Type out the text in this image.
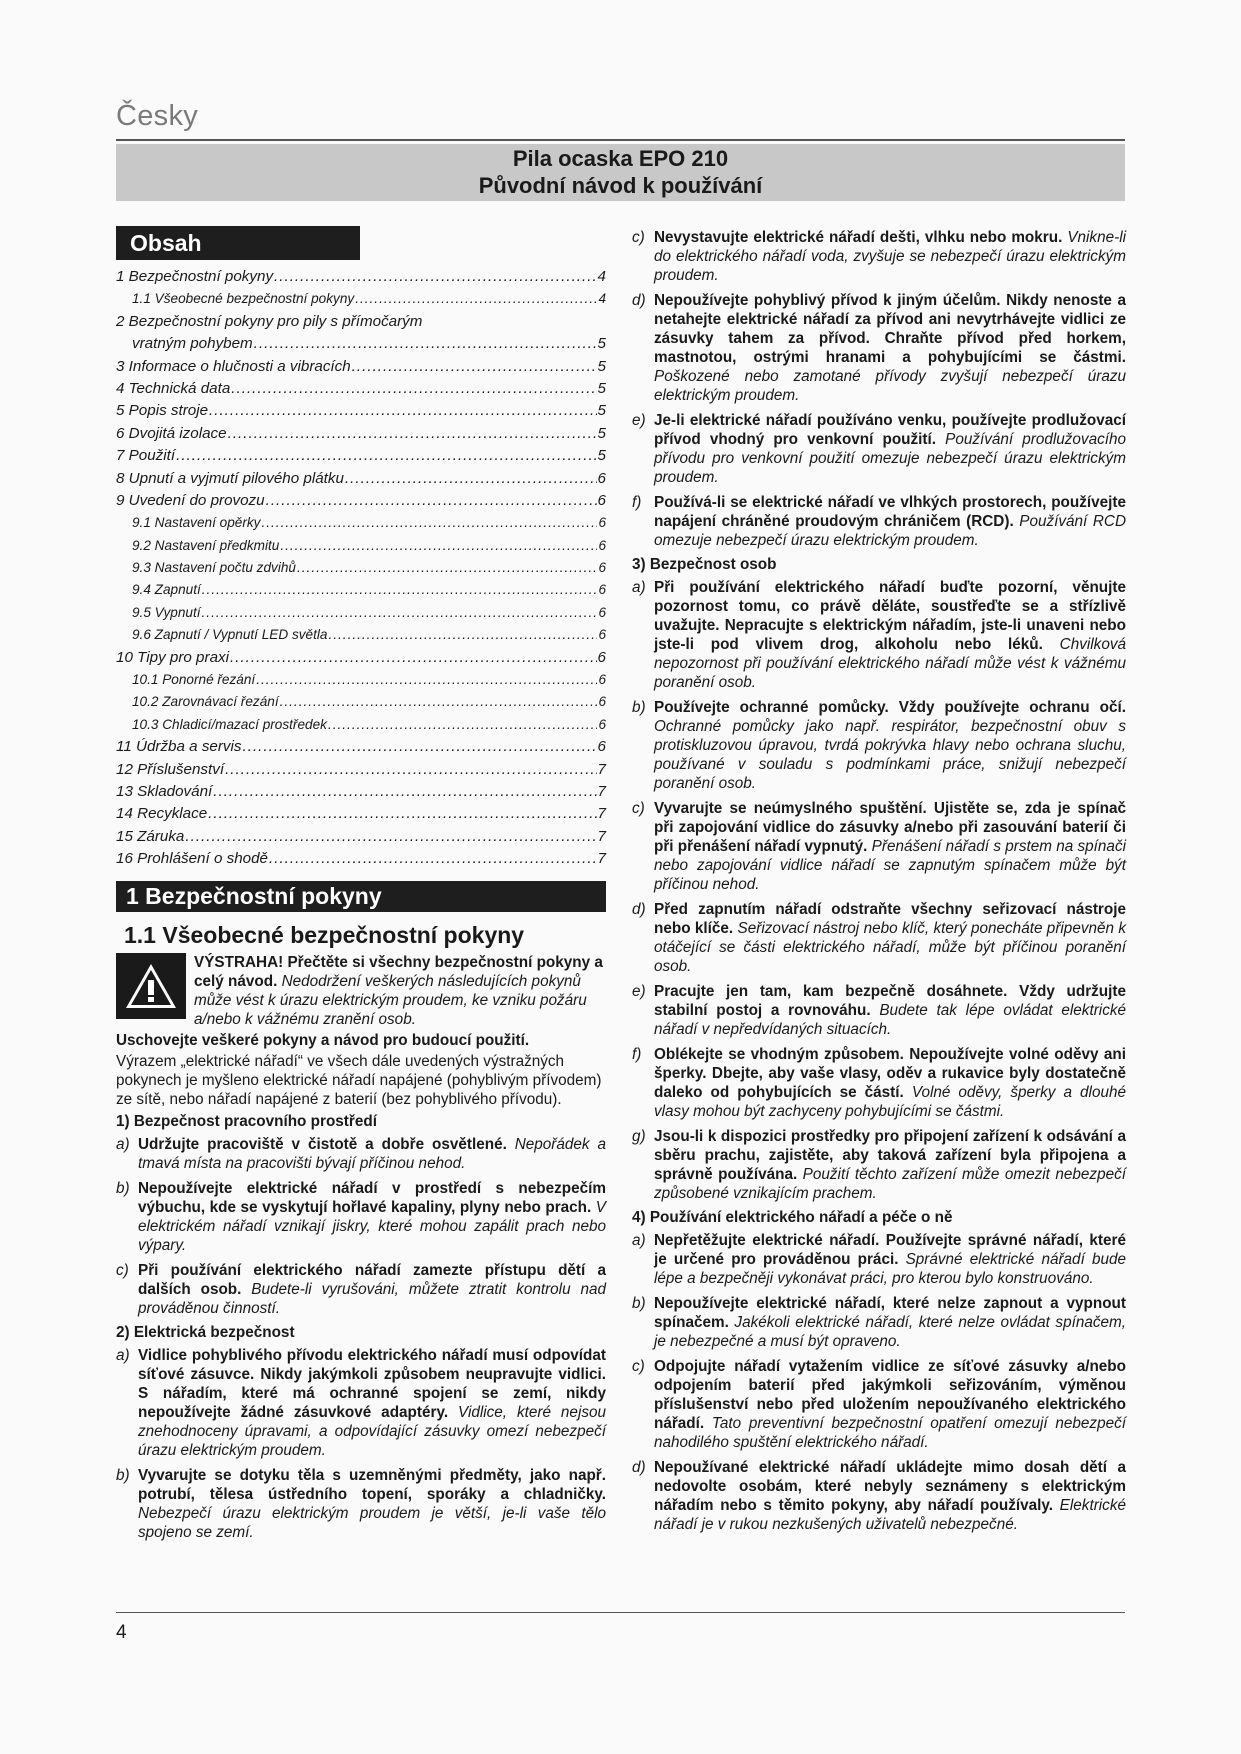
Česky
Pila ocaska EPO 210
Původní návod k používání
Obsah
1 Bezpečnostní pokyny .....	4
1.1 Všeobecné bezpečnostní pokyny .....	4
2 Bezpečnostní pokyny pro pily s přímočarým
vratným pohybem .....	5
3 Informace o hlučnosti a vibracích .....	5
4 Technická data .....	5
5 Popis stroje .....	5
6 Dvojitá izolace .....	5
7 Použití .....	5
8 Upnutí a vyjmutí pilového plátku .....	6
9 Uvedení do provozu .....	6
9.1 Nastavení opěrky .....	6
9.2 Nastavení předkmitu .....	6
9.3 Nastavení počtu zdvihů .....	6
9.4 Zapnutí .....	6
9.5 Vypnutí .....	6
9.6 Zapnutí / Vypnutí LED světla .....	6
10 Tipy pro praxi .....	6
10.1 Ponorné řezání .....	6
10.2 Zarovnávací řezání .....	6
10.3 Chladicí/mazací prostředek .....	6
11 Údržba a servis .....	6
12 Příslušenství .....	7
13 Skladování .....	7
14 Recyklace .....	7
15 Záruka .....	7
16 Prohlášení o shodě .....	7
1 Bezpečnostní pokyny
1.1 Všeobecné bezpečnostní pokyny
VÝSTRAHA! Přečtěte si všechny bezpečnostní pokyny a celý návod. Nedodržení veškerých následujících pokynů může vést k úrazu elektrickým proudem, ke vzniku požáru a/nebo k vážnému zranění osob.
Uschovejte veškeré pokyny a návod pro budoucí použití.
Výrazem „elektrické nářadí“ ve všech dále uvedených výstražných pokynech je myšleno elektrické nářadí napájené (pohyblivým přívodem) ze sítě, nebo nářadí napájené z baterií (bez pohyblivého přívodu).
1) Bezpečnost pracovního prostředí
a) Udržujte pracoviště v čistotě a dobře osvětlené. Nepořádek a tmavá místa na pracovišti bývají příčinou nehod.
b) Nepoužívejte elektrické nářadí v prostředí s nebezpečím výbuchu, kde se vyskytují hořlavé kapaliny, plyny nebo prach. V elektrickém nářadí vznikají jiskry, které mohou zapálit prach nebo výpary.
c) Při používání elektrického nářadí zamezte přístupu dětí a dalších osob. Budete-li vyrušováni, můžete ztratit kontrolu nad prováděnou činností.
2) Elektrická bezpečnost
a) Vidlice pohyblivého přívodu elektrického nářadí musí odpovídat síťové zásuvce. Nikdy jakýmkoli způsobem neupravujte vidlici. S nářadím, které má ochranné spojení se zemí, nikdy nepoužívejte žádné zásuvkové adaptéry. Vidlice, které nejsou znehodnoceny úpravami, a odpovídající zásuvky omezí nebezpečí úrazu elektrickým proudem.
b) Vyvarujte se dotyku těla s uzemněnými předměty, jako např. potrubí, tělesa ústředního topení, sporáky a chladničky. Nebezpečí úrazu elektrickým proudem je větší, je-li vaše tělo spojeno se zemí.
c) Nevystavujte elektrické nářadí dešti, vlhku nebo mokru. Vnikne-li do elektrického nářadí voda, zvyšuje se nebezpečí úrazu elektrickým proudem.
d) Nepoužívejte pohyblivý přívod k jiným účelům. Nikdy nenoste a netahejte elektrické nářadí za přívod ani nevytrhávejte vidlici ze zásuvky tahem za přívod. Chraňte přívod před horkem, mastnotou, ostrými hranami a pohybujícími se částmi. Poškozené nebo zamotané přívody zvyšují nebezpečí úrazu elektrickým proudem.
e) Je-li elektrické nářadí používáno venku, používejte prodlužovací přívod vhodný pro venkovní použití. Používání prodlužovacího přívodu pro venkovní použití omezuje nebezpečí úrazu elektrickým proudem.
f) Používá-li se elektrické nářadí ve vlhkých prostorech, používejte napájení chráněné proudovým chráničem (RCD). Používání RCD omezuje nebezpečí úrazu elektrickým proudem.
3) Bezpečnost osob
a) Při používání elektrického nářadí buďte pozorní, věnujte pozornost tomu, co právě děláte, soustřeďte se a střízlivě uvažujte. Nepracujte s elektrickým nářadím, jste-li unaveni nebo jste-li pod vlivem drog, alkoholu nebo léků. Chvilková nepozornost při používání elektrického nářadí může vést k vážnému poranění osob.
b) Používejte ochranné pomůcky. Vždy používejte ochranu očí. Ochranné pomůcky jako např. respirátor, bezpečnostní obuv s protiskluzovou úpravou, tvrdá pokrývka hlavy nebo ochrana sluchu, používané v souladu s podmínkami práce, snižují nebezpečí poranění osob.
c) Vyvarujte se neúmyslného spuštění. Ujistěte se, zda je spínač při zapojování vidlice do zásuvky a/nebo při zasouvání baterií či při přenášení nářadí vypnutý. Přenášení nářadí s prstem na spínači nebo zapojování vidlice nářadí se zapnutým spínačem může být příčinou nehod.
d) Před zapnutím nářadí odstraňte všechny seřizovací nástroje nebo klíče. Seřizovací nástroj nebo klíč, který ponecháte připevněn k otáčející se části elektrického nářadí, může být příčinou poranění osob.
e) Pracujte jen tam, kam bezpečně dosáhnete. Vždy udržujte stabilní postoj a rovnováhu. Budete tak lépe ovládat elektrické nářadí v nepředvídaných situacích.
f) Oblékejte se vhodným způsobem. Nepoužívejte volné oděvy ani šperky. Dbejte, aby vaše vlasy, oděv a rukavice byly dostatečně daleko od pohybujících se částí. Volné oděvy, šperky a dlouhé vlasy mohou být zachyceny pohybujícími se částmi.
g) Jsou-li k dispozici prostředky pro připojení zařízení k odsávání a sběru prachu, zajistěte, aby taková zařízení byla připojena a správně používána. Použití těchto zařízení může omezit nebezpečí způsobené vznikajícím prachem.
4) Používání elektrického nářadí a péče o ně
a) Nepřetěžujte elektrické nářadí. Používejte správné nářadí, které je určené pro prováděnou práci. Správné elektrické nářadí bude lépe a bezpečněji vykonávat práci, pro kterou bylo konstruováno.
b) Nepoužívejte elektrické nářadí, které nelze zapnout a vypnout spínačem. Jakékoli elektrické nářadí, které nelze ovládat spínačem, je nebezpečné a musí být opraveno.
c) Odpojujte nářadí vytažením vidlice ze síťové zásuvky a/nebo odpojením baterií před jakýmkoli seřizováním, výměnou příslušenství nebo před uložením nepoužívaného elektrického nářadí. Tato preventivní bezpečnostní opatření omezují nebezpečí nahodilého spuštění elektrického nářadí.
d) Nepoužívané elektrické nářadí ukládejte mimo dosah dětí a nedovolte osobám, které nebyly seznámeny s elektrickým nářadím nebo s těmito pokyny, aby nářadí používaly. Elektrické nářadí je v rukou nezkušených uživatelů nebezpečné.
4
